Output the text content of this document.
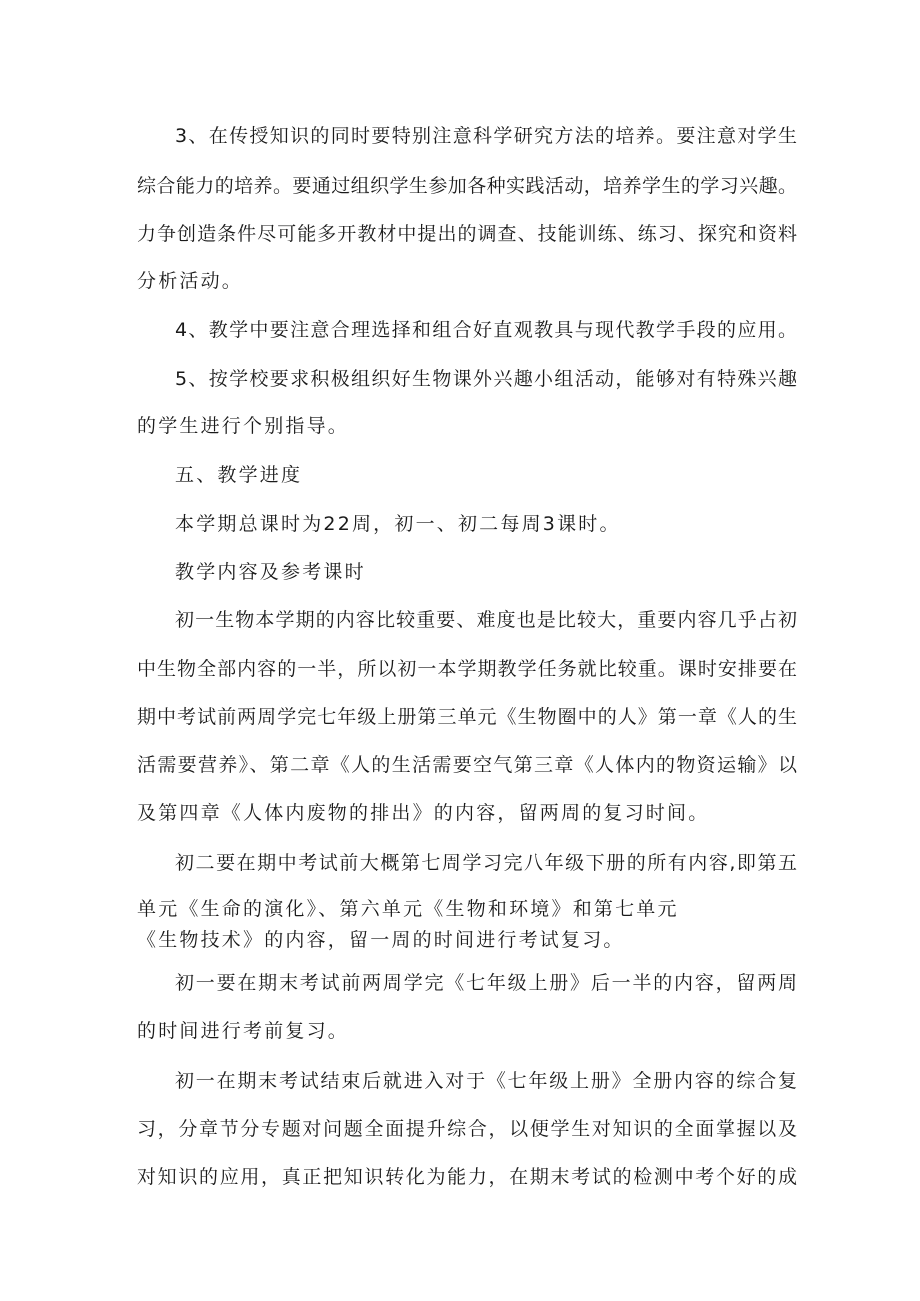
3、在传授知识的同时要特别注意科学研究方法的培养。要注意对学生
综合能力的培养。要通过组织学生参加各种实践活动，培养学生的学习兴趣。
力争创造条件尽可能多开教材中提出的调查、技能训练、练习、探究和资料
分析活动。
4、教学中要注意合理选择和组合好直观教具与现代教学手段的应用。
5、按学校要求积极组织好生物课外兴趣小组活动，能够对有特殊兴趣
的学生进行个别指导。
五、教学进度
本学期总课时为22周，初一、初二每周3课时。
教学内容及参考课时
初一生物本学期的内容比较重要、难度也是比较大，重要内容几乎占初
中生物全部内容的一半，所以初一本学期教学任务就比较重。课时安排要在
期中考试前两周学完七年级上册第三单元《生物圈中的人》第一章《人的生
活需要营养》、第二章《人的生活需要空气第三章《人体内的物资运输》以
及第四章《人体内废物的排出》的内容，留两周的复习时间。
初二要在期中考试前大概第七周学习完八年级下册的所有内容,即第五
单元《生命的演化》、第六单元《生物和环境》和第七单元
《生物技术》的内容，留一周的时间进行考试复习。
初一要在期末考试前两周学完《七年级上册》后一半的内容，留两周
的时间进行考前复习。
初一在期末考试结束后就进入对于《七年级上册》全册内容的综合复
习，分章节分专题对问题全面提升综合，以便学生对知识的全面掌握以及
对知识的应用，真正把知识转化为能力，在期末考试的检测中考个好的成
